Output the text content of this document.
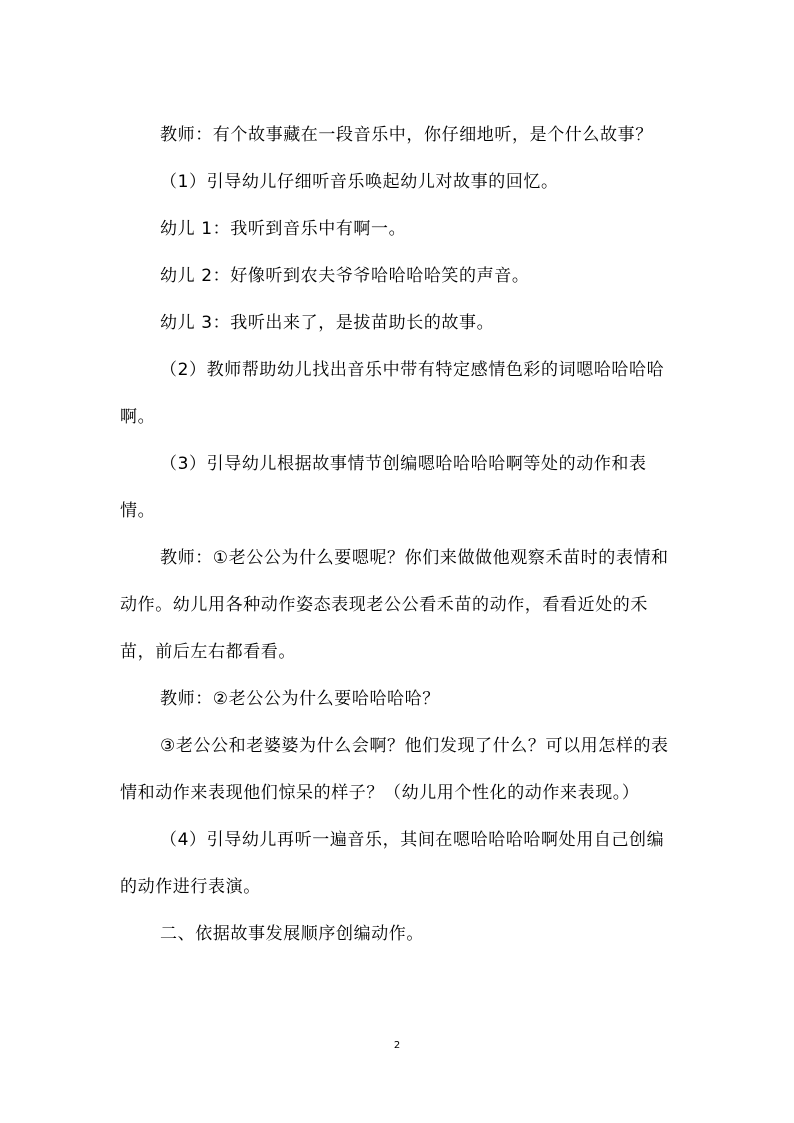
教师：有个故事藏在一段音乐中，你仔细地听，是个什么故事？

（1）引导幼儿仔细听音乐唤起幼儿对故事的回忆。

幼儿 1：我听到音乐中有啊一。

幼儿 2：好像听到农夫爷爷哈哈哈哈笑的声音。

幼儿 3：我听出来了，是拔苗助长的故事。

（2）教师帮助幼儿找出音乐中带有特定感情色彩的词嗯哈哈哈哈啊。

（3）引导幼儿根据故事情节创编嗯哈哈哈哈啊等处的动作和表情。

教师：①老公公为什么要嗯呢？你们来做做他观察禾苗时的表情和动作。幼儿用各种动作姿态表现老公公看禾苗的动作，看看近处的禾苗，前后左右都看看。

教师：②老公公为什么要哈哈哈哈？

③老公公和老婆婆为什么会啊？他们发现了什么？可以用怎样的表情和动作来表现他们惊呆的样子？（幼儿用个性化的动作来表现。）

（4）引导幼儿再听一遍音乐，其间在嗯哈哈哈哈啊处用自己创编的动作进行表演。

二、依据故事发展顺序创编动作。

2
